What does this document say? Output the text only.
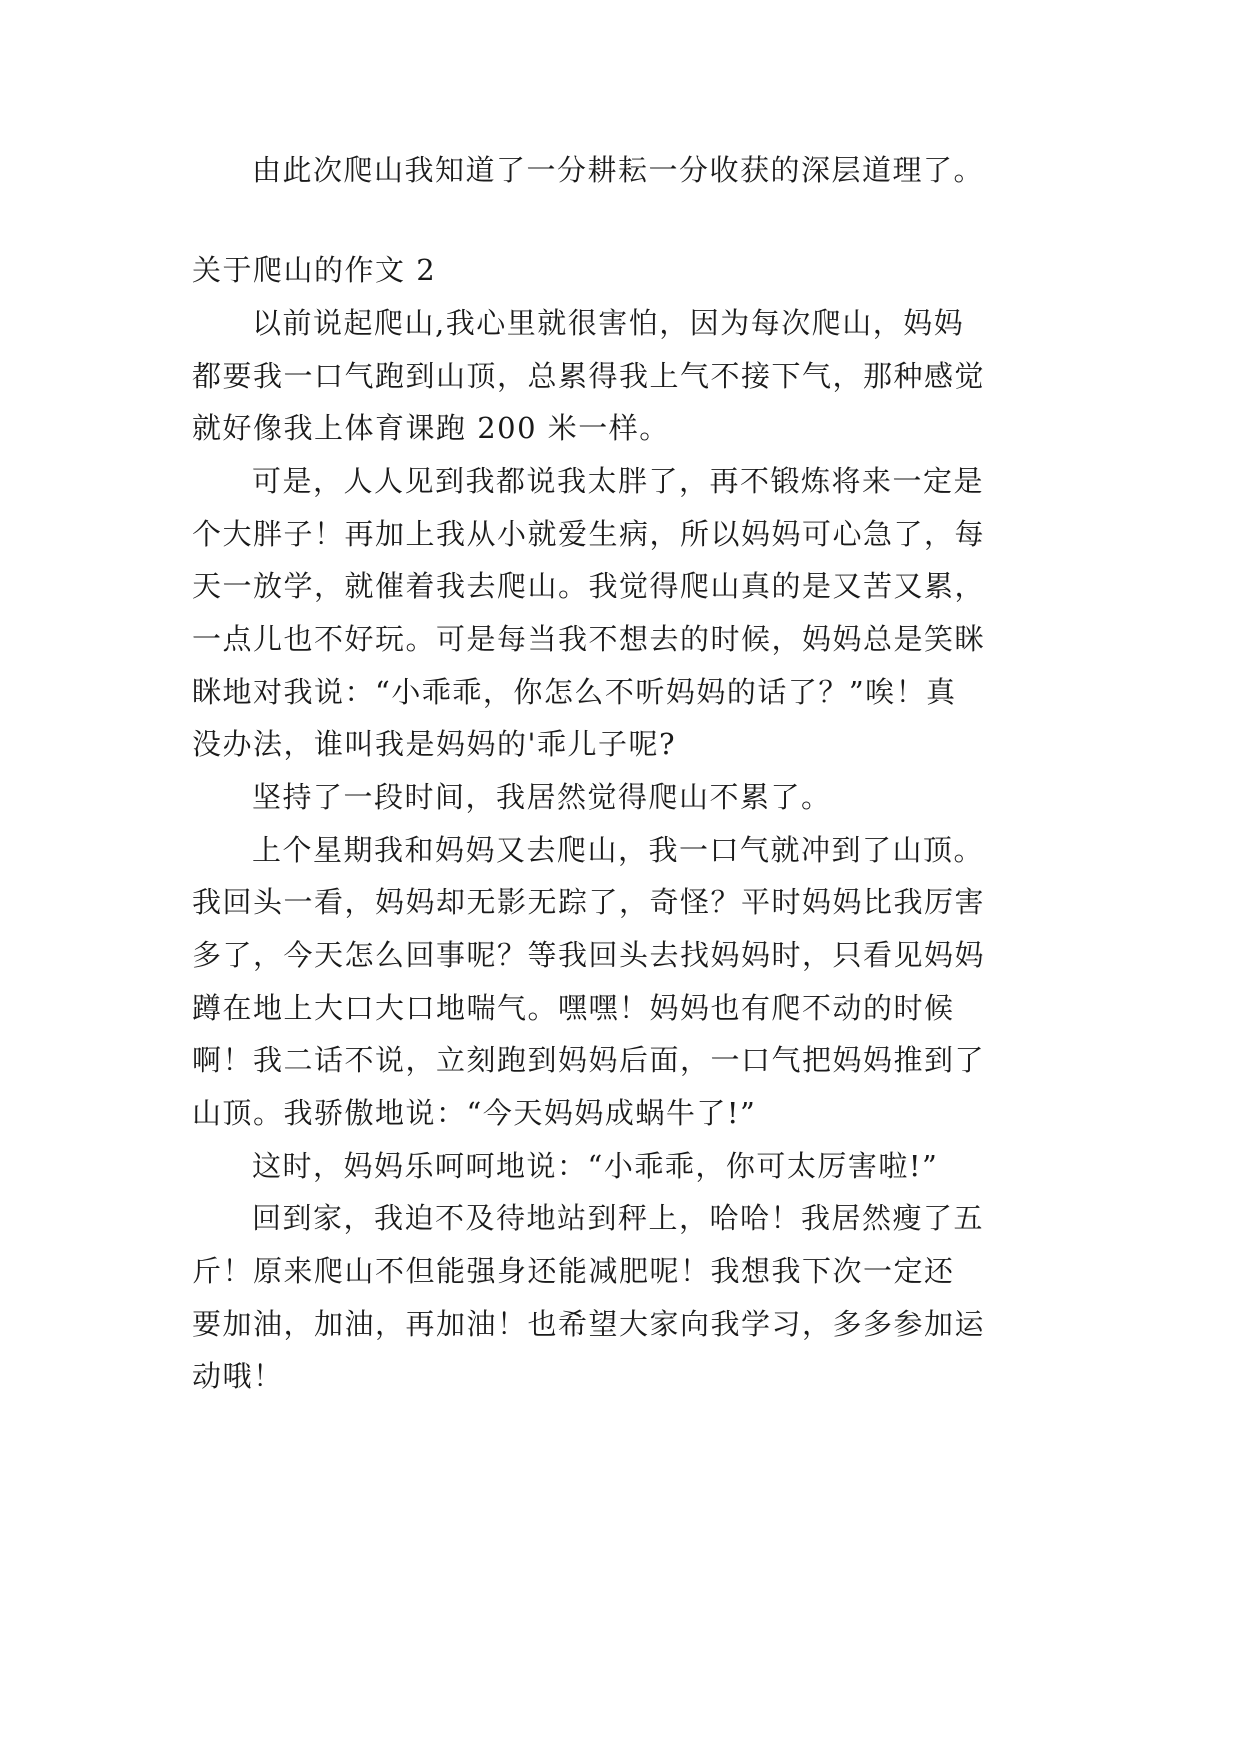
由此次爬山我知道了一分耕耘一分收获的深层道理了。
关于爬山的作文 2
以前说起爬山,我心里就很害怕，因为每次爬山，妈妈
都要我一口气跑到山顶，总累得我上气不接下气，那种感觉
就好像我上体育课跑 200 米一样。
可是，人人见到我都说我太胖了，再不锻炼将来一定是
个大胖子！再加上我从小就爱生病，所以妈妈可心急了，每
天一放学，就催着我去爬山。我觉得爬山真的是又苦又累，
一点儿也不好玩。可是每当我不想去的时候，妈妈总是笑眯
眯地对我说：“小乖乖，你怎么不听妈妈的话了？”唉！真
没办法，谁叫我是妈妈的'乖儿子呢?
坚持了一段时间，我居然觉得爬山不累了。
上个星期我和妈妈又去爬山，我一口气就冲到了山顶。
我回头一看，妈妈却无影无踪了，奇怪？平时妈妈比我厉害
多了，今天怎么回事呢？等我回头去找妈妈时，只看见妈妈
蹲在地上大口大口地喘气。嘿嘿！妈妈也有爬不动的时候
啊！我二话不说，立刻跑到妈妈后面，一口气把妈妈推到了
山顶。我骄傲地说：“今天妈妈成蜗牛了!”
这时，妈妈乐呵呵地说：“小乖乖，你可太厉害啦!”
回到家，我迫不及待地站到秤上，哈哈！我居然瘦了五
斤！原来爬山不但能强身还能减肥呢！我想我下次一定还
要加油，加油，再加油！也希望大家向我学习，多多参加运
动哦！
